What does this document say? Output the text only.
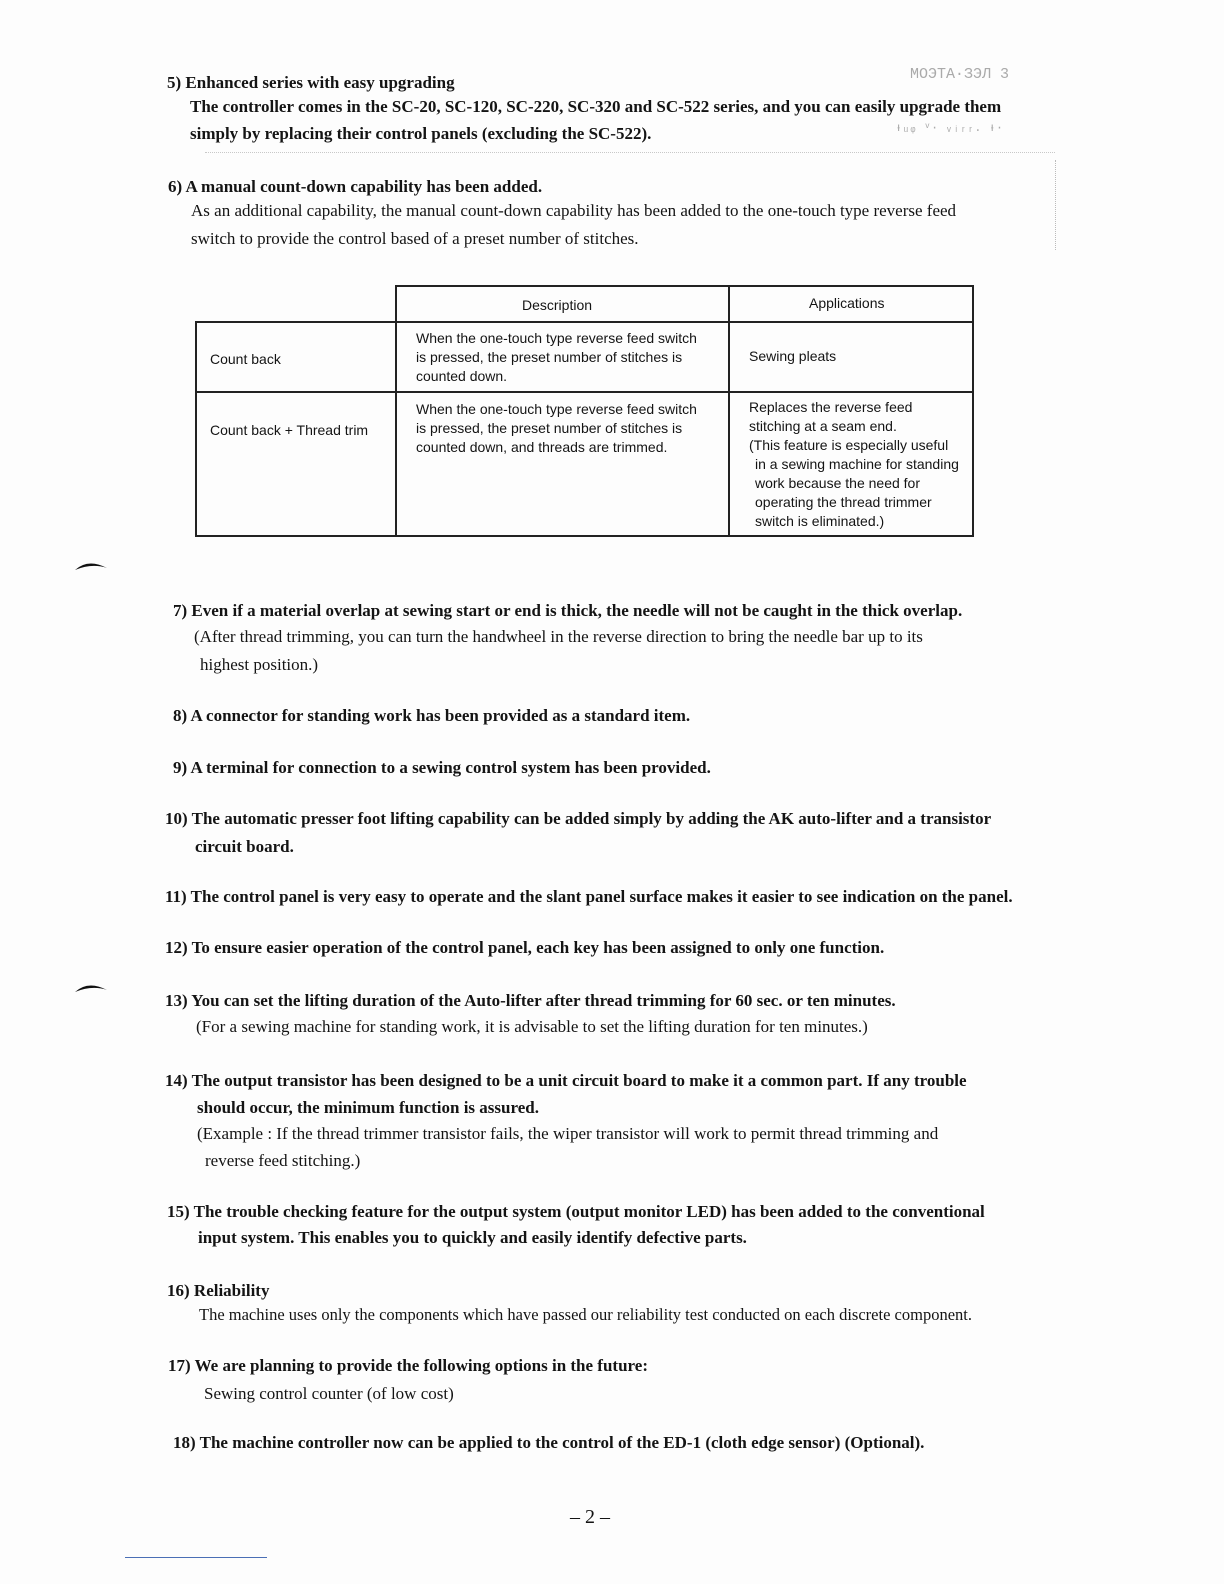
МОЭТА∙ЗЭЛ 3
ᵻᵤᵩ ᵛ· ᵥᵢᵣᵣ. ᵼ·
5) Enhanced series with easy upgrading
The controller comes in the SC-20, SC-120, SC-220, SC-320 and SC-522 series, and you can easily upgrade them
simply by replacing their control panels (excluding the SC-522).
6) A manual count-down capability has been added.
As an additional capability, the manual count-down capability has been added to the one-touch type reverse feed
switch to provide the control based of a preset number of stitches.
Description	Applications
Count back
When the one-touch type reverse feed switch
is pressed, the preset number of stitches is
counted down.
Sewing pleats
Count back + Thread trim
When the one-touch type reverse feed switch
is pressed, the preset number of stitches is
counted down, and threads are trimmed.
Replaces the reverse feed
stitching at a seam end.
(This feature is especially useful
in a sewing machine for standing
work because the need for
operating the thread trimmer
switch is eliminated.)
7) Even if a material overlap at sewing start or end is thick, the needle will not be caught in the thick overlap.
(After thread trimming, you can turn the handwheel in the reverse direction to bring the needle bar up to its
highest position.)
8) A connector for standing work has been provided as a standard item.
9) A terminal for connection to a sewing control system has been provided.
10) The automatic presser foot lifting capability can be added simply by adding the AK auto-lifter and a transistor
circuit board.
11) The control panel is very easy to operate and the slant panel surface makes it easier to see indication on the panel.
12) To ensure easier operation of the control panel, each key has been assigned to only one function.
13) You can set the lifting duration of the Auto-lifter after thread trimming for 60 sec. or ten minutes.
(For a sewing machine for standing work, it is advisable to set the lifting duration for ten minutes.)
14) The output transistor has been designed to be a unit circuit board to make it a common part. If any trouble
should occur, the minimum function is assured.
(Example : If the thread trimmer transistor fails, the wiper transistor will work to permit thread trimming and
reverse feed stitching.)
15) The trouble checking feature for the output system (output monitor LED) has been added to the conventional
input system. This enables you to quickly and easily identify defective parts.
16) Reliability
The machine uses only the components which have passed our reliability test conducted on each discrete component.
17) We are planning to provide the following options in the future:
Sewing control counter (of low cost)
18) The machine controller now can be applied to the control of the ED-1 (cloth edge sensor) (Optional).
– 2 –
